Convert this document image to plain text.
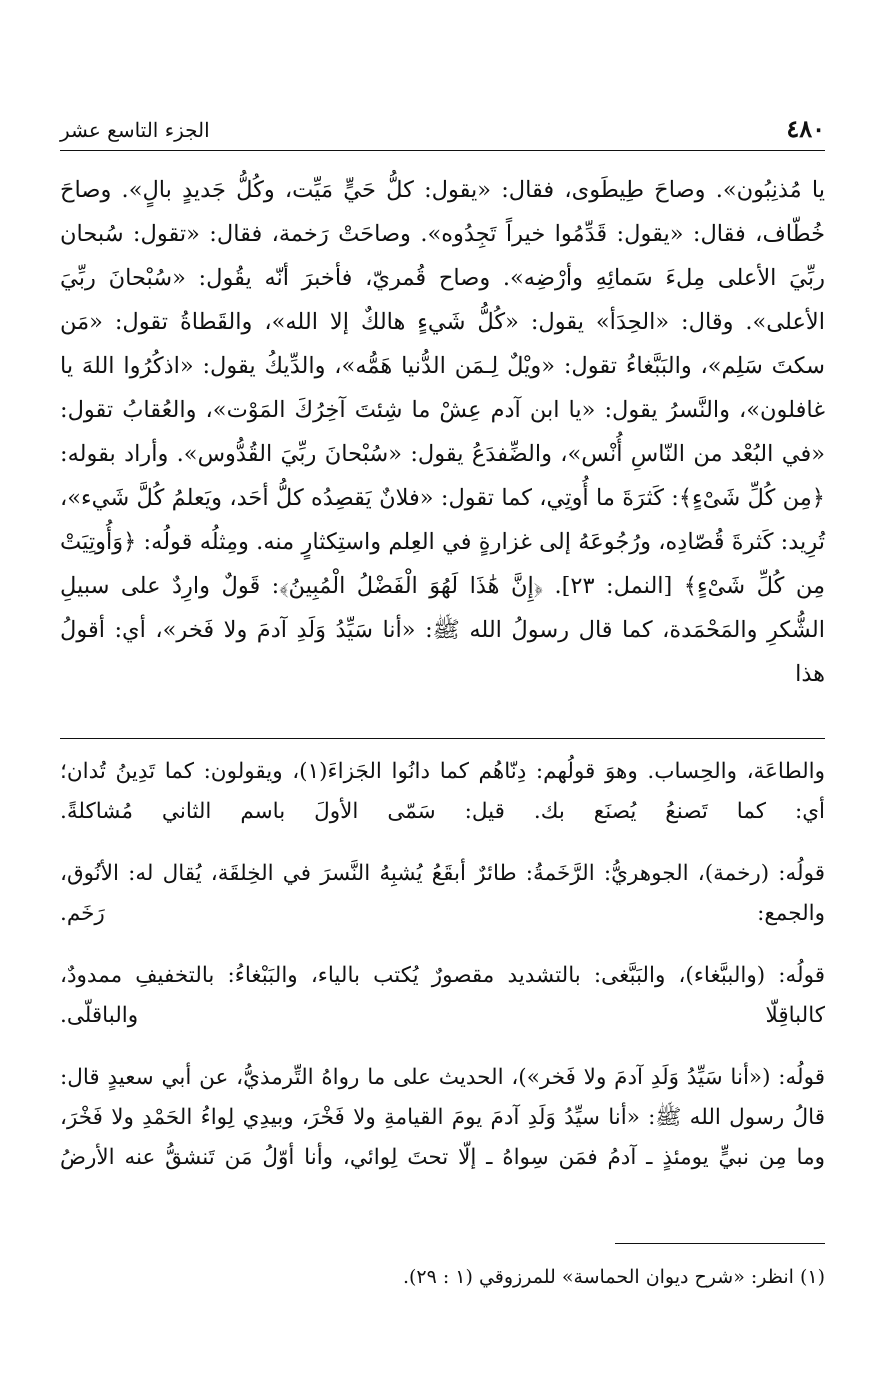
٤٨٠
الجزء التاسع عشر

يا مُذنِبُون». وصاحَ طِيطَوى، فقال: «يقول: كلُّ حَيٍّ مَيِّت، وكُلُّ جَديدٍ بالٍ». وصاحَ خُطّاف، فقال: «يقول: قَدِّمُوا خيراً تَجِدُوه». وصاحَتْ رَخمة، فقال: «تقول: سُبحان ربِّيَ الأعلى مِلءَ سَمائِهِ وأرْضِه». وصاح قُمريّ، فأخبرَ أنّه يقُول: «سُبْحانَ ربِّيَ الأعلى». وقال: «الحِدَأ» يقول: «كُلُّ شَيءٍ هالكٌ إلا الله»، والقَطاةُ تقول: «مَن سكتَ سَلِم»، والبَبَّغاءُ تقول: «ويْلٌ لِـمَن الدُّنيا هَمُّه»، والدِّيكُ يقول: «اذكُرُوا اللهَ يا غافلون»، والنَّسرُ يقول: «يا ابن آدم عِشْ ما شِئتَ آخِرُكَ المَوْت»، والعُقابُ تقول: «في البُعْد من النّاسِ أُنْس»، والضِّفدَعُ يقول: «سُبْحانَ ربِّيَ القُدُّوس». وأراد بقوله: ﴿مِن كُلِّ شَىْءٍ﴾: كَثرَةَ ما أُوتِي، كما تقول: «فلانٌ يَقصِدُه كلُّ أحَد، ويَعلمُ كُلَّ شَيء»، تُرِيد: كَثرةَ قُصّادِه، ورُجُوعَهُ إلى غزارةٍ في العِلم واستِكثارٍ منه. ومِثلُه قولُه: ﴿وَأُوتِيَتْ مِن كُلِّ شَىْءٍ﴾ [النمل: ٢٣]. ﴿إِنَّ هَٰذَا لَهُوَ الْفَضْلُ الْمُبِينُ﴾: قَولٌ وارِدٌ على سبيلِ الشُّكرِ والمَحْمَدة، كما قال رسولُ الله ﷺ: «أنا سَيِّدُ وَلَدِ آدمَ ولا فَخر»، أي: أقولُ هذا

والطاعَة، والحِساب. وهوَ قولُهم: دِنّاهُم كما دانُوا الجَزاءَ(١)، ويقولون: كما تَدِينُ تُدان؛ أي: كما تَصنعُ يُصنَع بك. قيل: سَمّى الأولَ باسم الثاني مُشاكلةً.

قولُه: (رخمة)، الجوهريُّ: الرَّخَمةُ: طائرٌ أبقَعُ يُشبِهُ النَّسرَ في الخِلقَة، يُقال له: الأنُوق، والجمع: رَخَم.

قولُه: (والببَّغاء)، والبَبَّغى: بالتشديد مقصورٌ يُكتب بالياء، والبَبْغاءُ: بالتخفيفِ ممدودٌ، كالباقِلّا والباقلّى.

قولُه: («أنا سَيِّدُ وَلَدِ آدمَ ولا فَخر»)، الحديث على ما رواهُ التِّرمذيُّ، عن أبي سعيدٍ قال: قالُ رسول الله ﷺ: «أنا سيِّدُ وَلَدِ آدمَ يومَ القيامةِ ولا فَخْرَ، وبيدِي لِواءُ الحَمْدِ ولا فَخْرَ، وما مِن نبيٍّ يومئذٍ ـ آدمُ فمَن سِواهُ ـ إلّا تحتَ لِوائي، وأنا أوّلُ مَن تَنشقُّ عنه الأرضُ

(١) انظر: «شرح ديوان الحماسة» للمرزوقي (١ : ٢٩).
